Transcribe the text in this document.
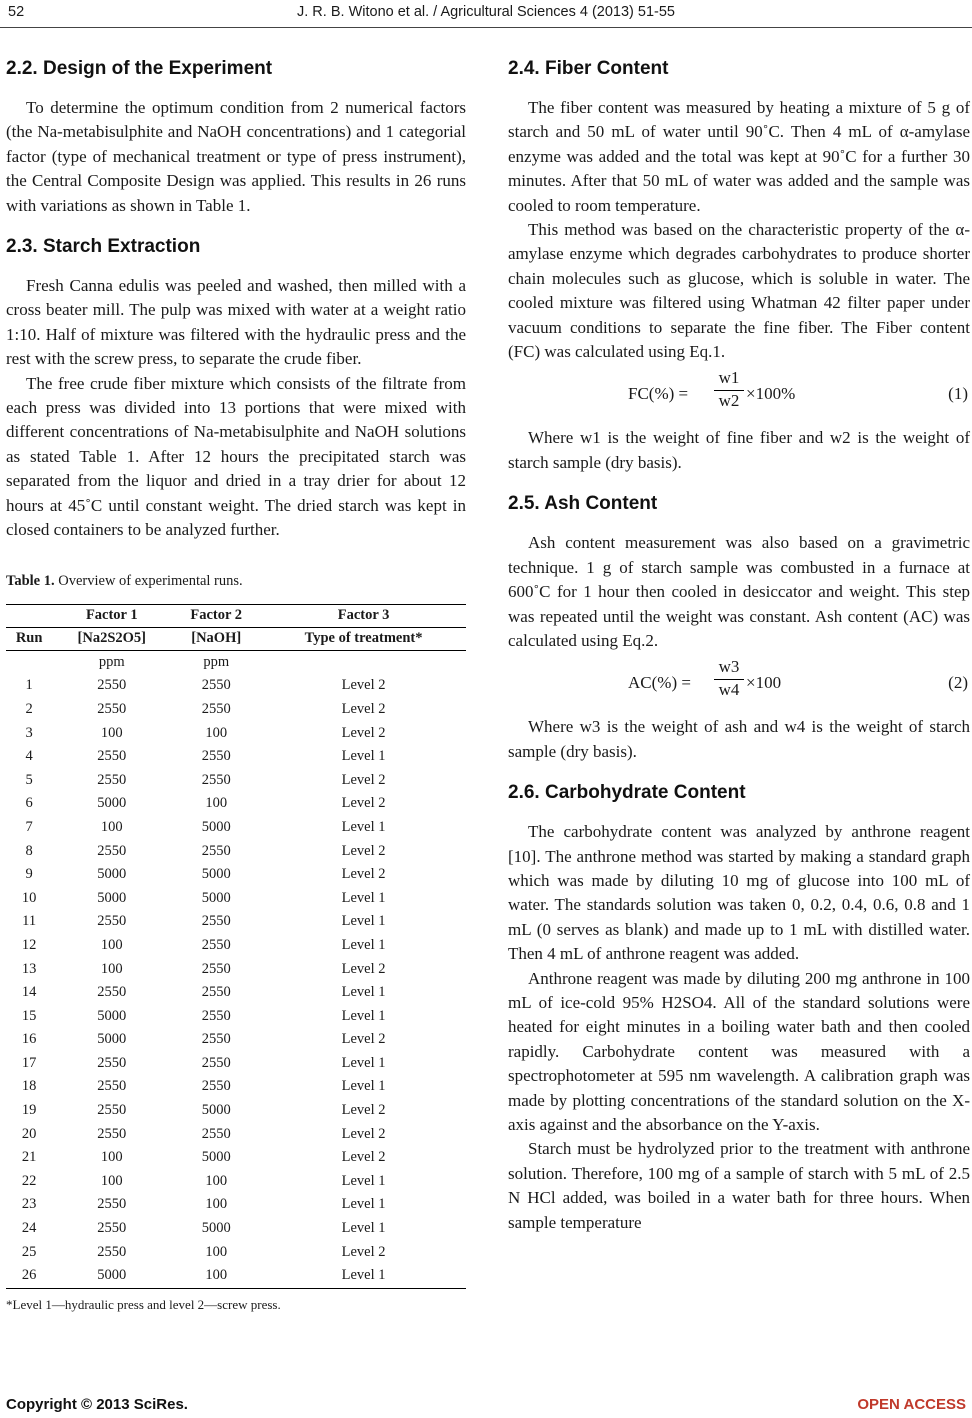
52	J. R. B. Witono et al. / Agricultural Sciences 4 (2013) 51-55
2.2. Design of the Experiment

To determine the optimum condition from 2 numerical factors (the Na-metabisulphite and NaOH concentrations) and 1 categorial factor (type of mechanical treatment or type of press instrument), the Central Composite Design was applied. This results in 26 runs with variations as shown in Table 1.

2.3. Starch Extraction

Fresh Canna edulis was peeled and washed, then milled with a cross beater mill. The pulp was mixed with water at a weight ratio 1:10. Half of mixture was filtered with the hydraulic press and the rest with the screw press, to separate the crude fiber.

The free crude fiber mixture which consists of the filtrate from each press was divided into 13 portions that were mixed with different concentrations of Na-metabisulphite and NaOH solutions as stated Table 1. After 12 hours the precipitated starch was separated from the liquor and dried in a tray drier for about 12 hours at 45˚C until constant weight. The dried starch was kept in closed containers to be analyzed further.

Table 1. Overview of experimental runs.
	Factor 1	Factor 2	Factor 3
Run	[Na2S2O5]	[NaOH]	Type of treatment*
	ppm	ppm	
1	2550	2550	Level 2
2	2550	2550	Level 2
3	100	100	Level 2
4	2550	2550	Level 1
5	2550	2550	Level 2
6	5000	100	Level 2
7	100	5000	Level 1
8	2550	2550	Level 2
9	5000	5000	Level 2
10	5000	5000	Level 1
11	2550	2550	Level 1
12	100	2550	Level 1
13	100	2550	Level 2
14	2550	2550	Level 1
15	5000	2550	Level 1
16	5000	2550	Level 2
17	2550	2550	Level 1
18	2550	2550	Level 1
19	2550	5000	Level 2
20	2550	2550	Level 2
21	100	5000	Level 2
22	100	100	Level 1
23	2550	100	Level 1
24	2550	5000	Level 1
25	2550	100	Level 2
26	5000	100	Level 1
*Level 1—hydraulic press and level 2—screw press.
2.4. Fiber Content

The fiber content was measured by heating a mixture of 5 g of starch and 50 mL of water until 90˚C. Then 4 mL of α-amylase enzyme was added and the total was kept at 90˚C for a further 30 minutes. After that 50 mL of water was added and the sample was cooled to room temperature.

This method was based on the characteristic property of the α-amylase enzyme which degrades carbohydrates to produce shorter chain molecules such as glucose, which is soluble in water. The cooled mixture was filtered using Whatman 42 filter paper under vacuum conditions to separate the fine fiber. The Fiber content (FC) was calculated using Eq.1.

$FC(\%) = \frac{w1}{w2} \times 100\%$	(1)

Where w1 is the weight of fine fiber and w2 is the weight of starch sample (dry basis).

2.5. Ash Content

Ash content measurement was also based on a gravimetric technique. 1 g of starch sample was combusted in a furnace at 600˚C for 1 hour then cooled in desiccator and weight. This step was repeated until the weight was constant. Ash content (AC) was calculated using Eq.2.

$AC(\%) = \frac{w3}{w4} \times 100$	(2)

Where w3 is the weight of ash and w4 is the weight of starch sample (dry basis).

2.6. Carbohydrate Content

The carbohydrate content was analyzed by anthrone reagent [10]. The anthrone method was started by making a standard graph which was made by diluting 10 mg of glucose into 100 mL of water. The standards solution was taken 0, 0.2, 0.4, 0.6, 0.8 and 1 mL (0 serves as blank) and made up to 1 mL with distilled water. Then 4 mL of anthrone reagent was added.

Anthrone reagent was made by diluting 200 mg anthrone in 100 mL of ice-cold 95% H2SO4. All of the standard solutions were heated for eight minutes in a boiling water bath and then cooled rapidly. Carbohydrate content was measured with a spectrophotometer at 595 nm wavelength. A calibration graph was made by plotting concentrations of the standard solution on the X-axis against and the absorbance on the Y-axis.

Starch must be hydrolyzed prior to the treatment with anthrone solution. Therefore, 100 mg of a sample of starch with 5 mL of 2.5 N HCl added, was boiled in a water bath for three hours. When sample temperature

Copyright © 2013 SciRes.	OPEN ACCESS
